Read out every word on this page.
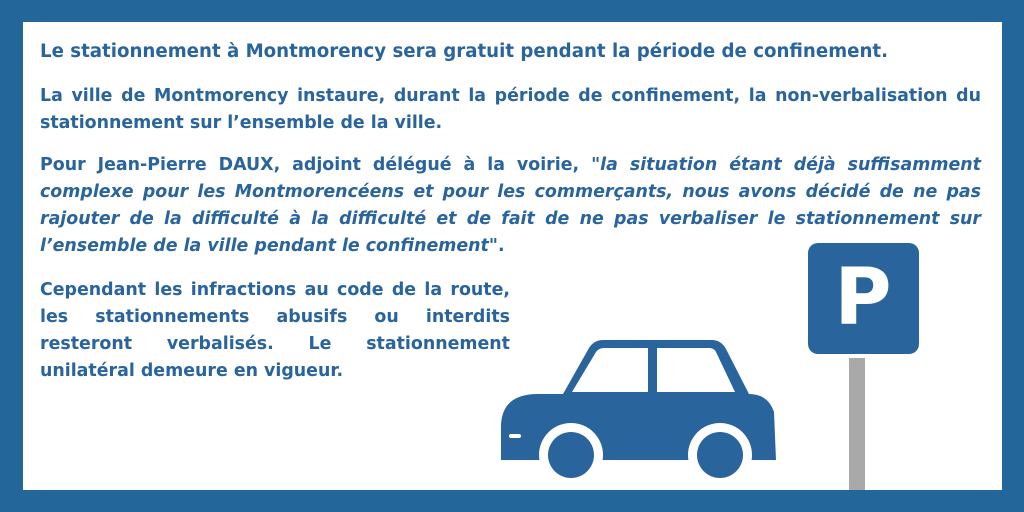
Le stationnement à Montmorency sera gratuit pendant la période de confinement.

La ville de Montmorency instaure, durant la période de confinement, la non-verbalisation du stationnement sur l’ensemble de la ville.

Pour Jean-Pierre DAUX, adjoint délégué à la voirie, "la situation étant déjà suffisamment complexe pour les Montmorencéens et pour les commerçants, nous avons décidé de ne pas rajouter de la difficulté à la difficulté et de fait de ne pas verbaliser le stationnement sur l’ensemble de la ville pendant le confinement".

Cependant les infractions au code de la route, les stationnements abusifs ou interdits resteront verbalisés. Le stationnement unilatéral demeure en vigueur.

P
